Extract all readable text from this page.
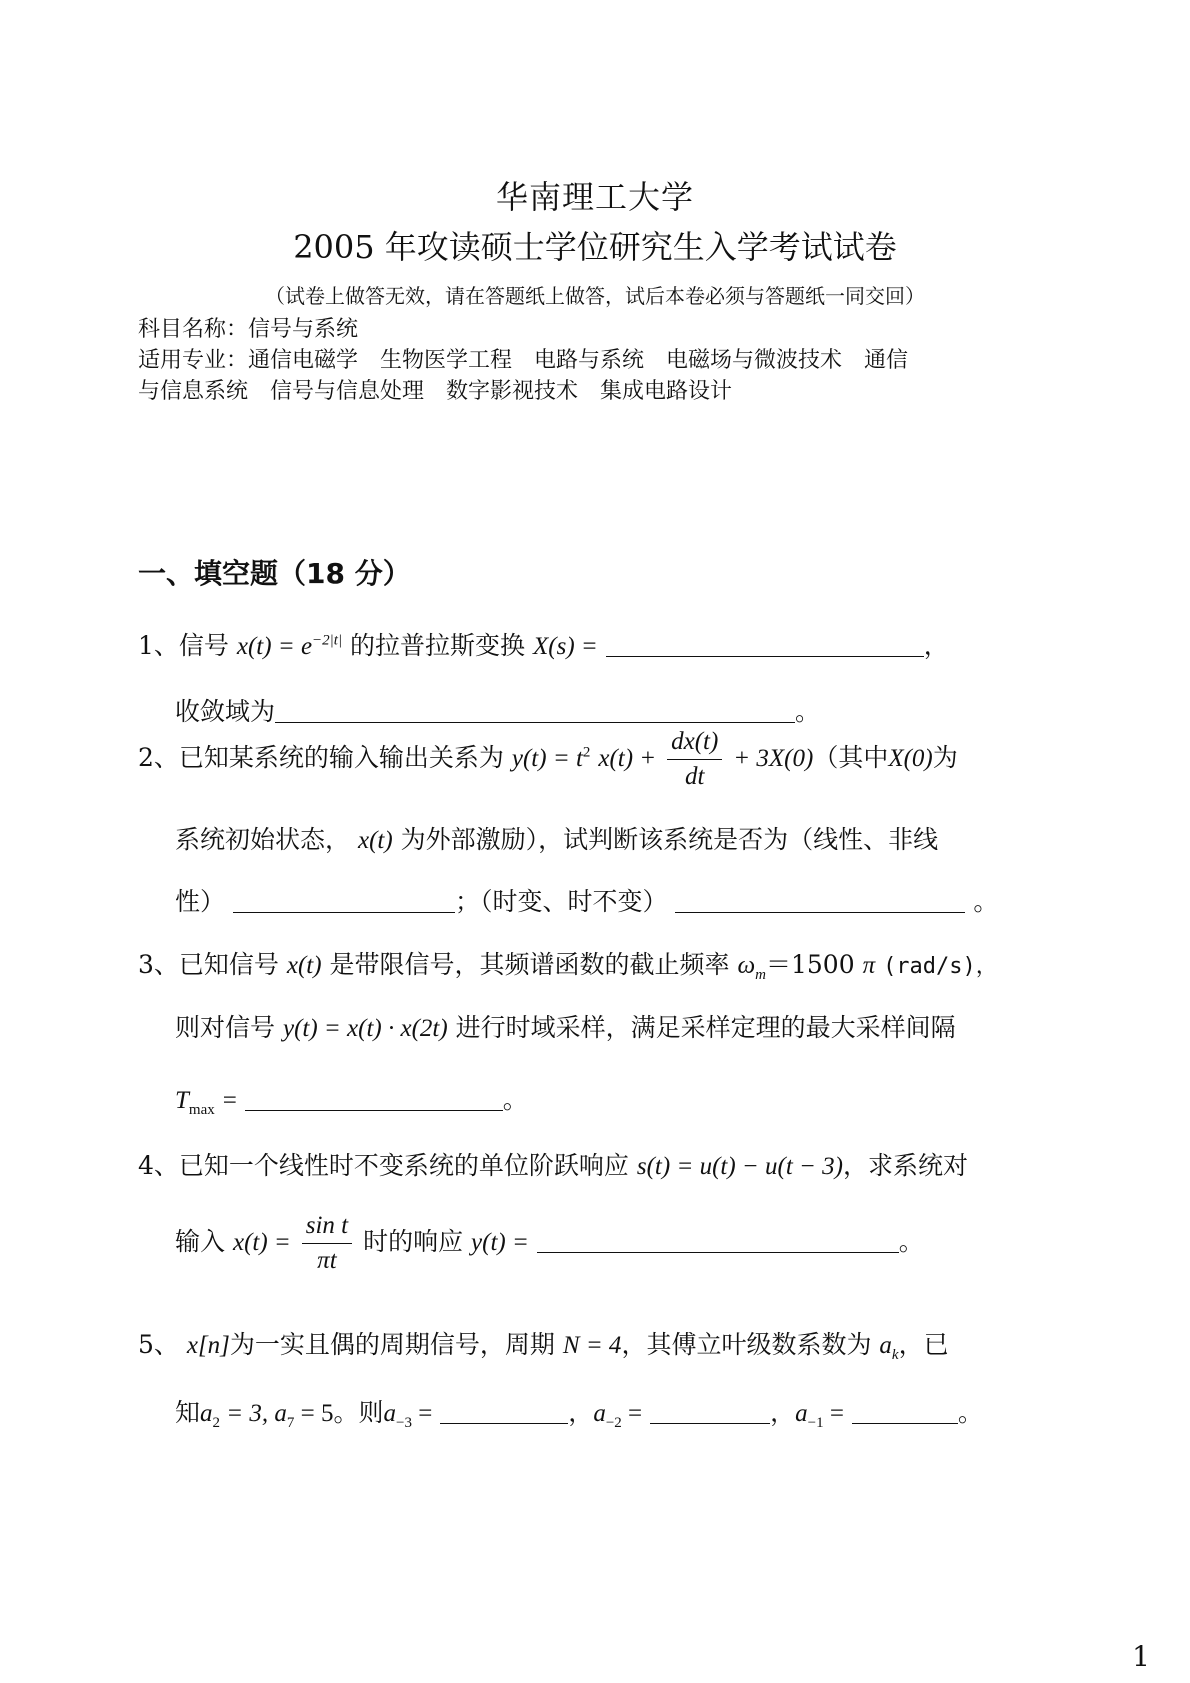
华南理工大学
2005 年攻读硕士学位研究生入学考试试卷
（试卷上做答无效，请在答题纸上做答，试后本卷必须与答题纸一同交回）
科目名称：信号与系统
适用专业：通信电磁学　生物医学工程　电路与系统　电磁场与微波技术　通信
与信息系统　信号与信息处理　数字影视技术　集成电路设计
一、填空题（18 分）
1、信号 $x(t) = e^{-2|t|}$ 的拉普拉斯变换 X(s) =	，
收敛域为	。
2、已知某系统的输入输出关系为 $y(t) = t^2$ $x(t) + \frac{dx(t)}{dt} + 3X(0)$（其中X(0)为
系统初始状态， x(t) 为外部激励），试判断该系统是否为（线性、非线
性）	；（时变、时不变）	。
3、已知信号 x(t) 是带限信号，其频谱函数的截止频率 $\omega_m=1500$ π (rad/s)，
则对信号 y(t) = x(t) · x(2t) 进行时域采样，满足采样定理的最大采样间隔
$T_{max}$ =	。
4、已知一个线性时不变系统的单位阶跃响应 s(t) = u(t) − u(t − 3)，求系统对
输入 $x(t) = \frac{\text{sin t}}{\pi t}$ 时的响应 y(t) =	。
5、 x[n]为一实且偶的周期信号，周期 N = 4，其傅立叶级数系数为 $a_k$，已
知$a_2 = 3$, $a_7 = 5$。则$a_{-3}$ =	，$a_{-2}$ =	，$a_{-1}$ =	。
1
